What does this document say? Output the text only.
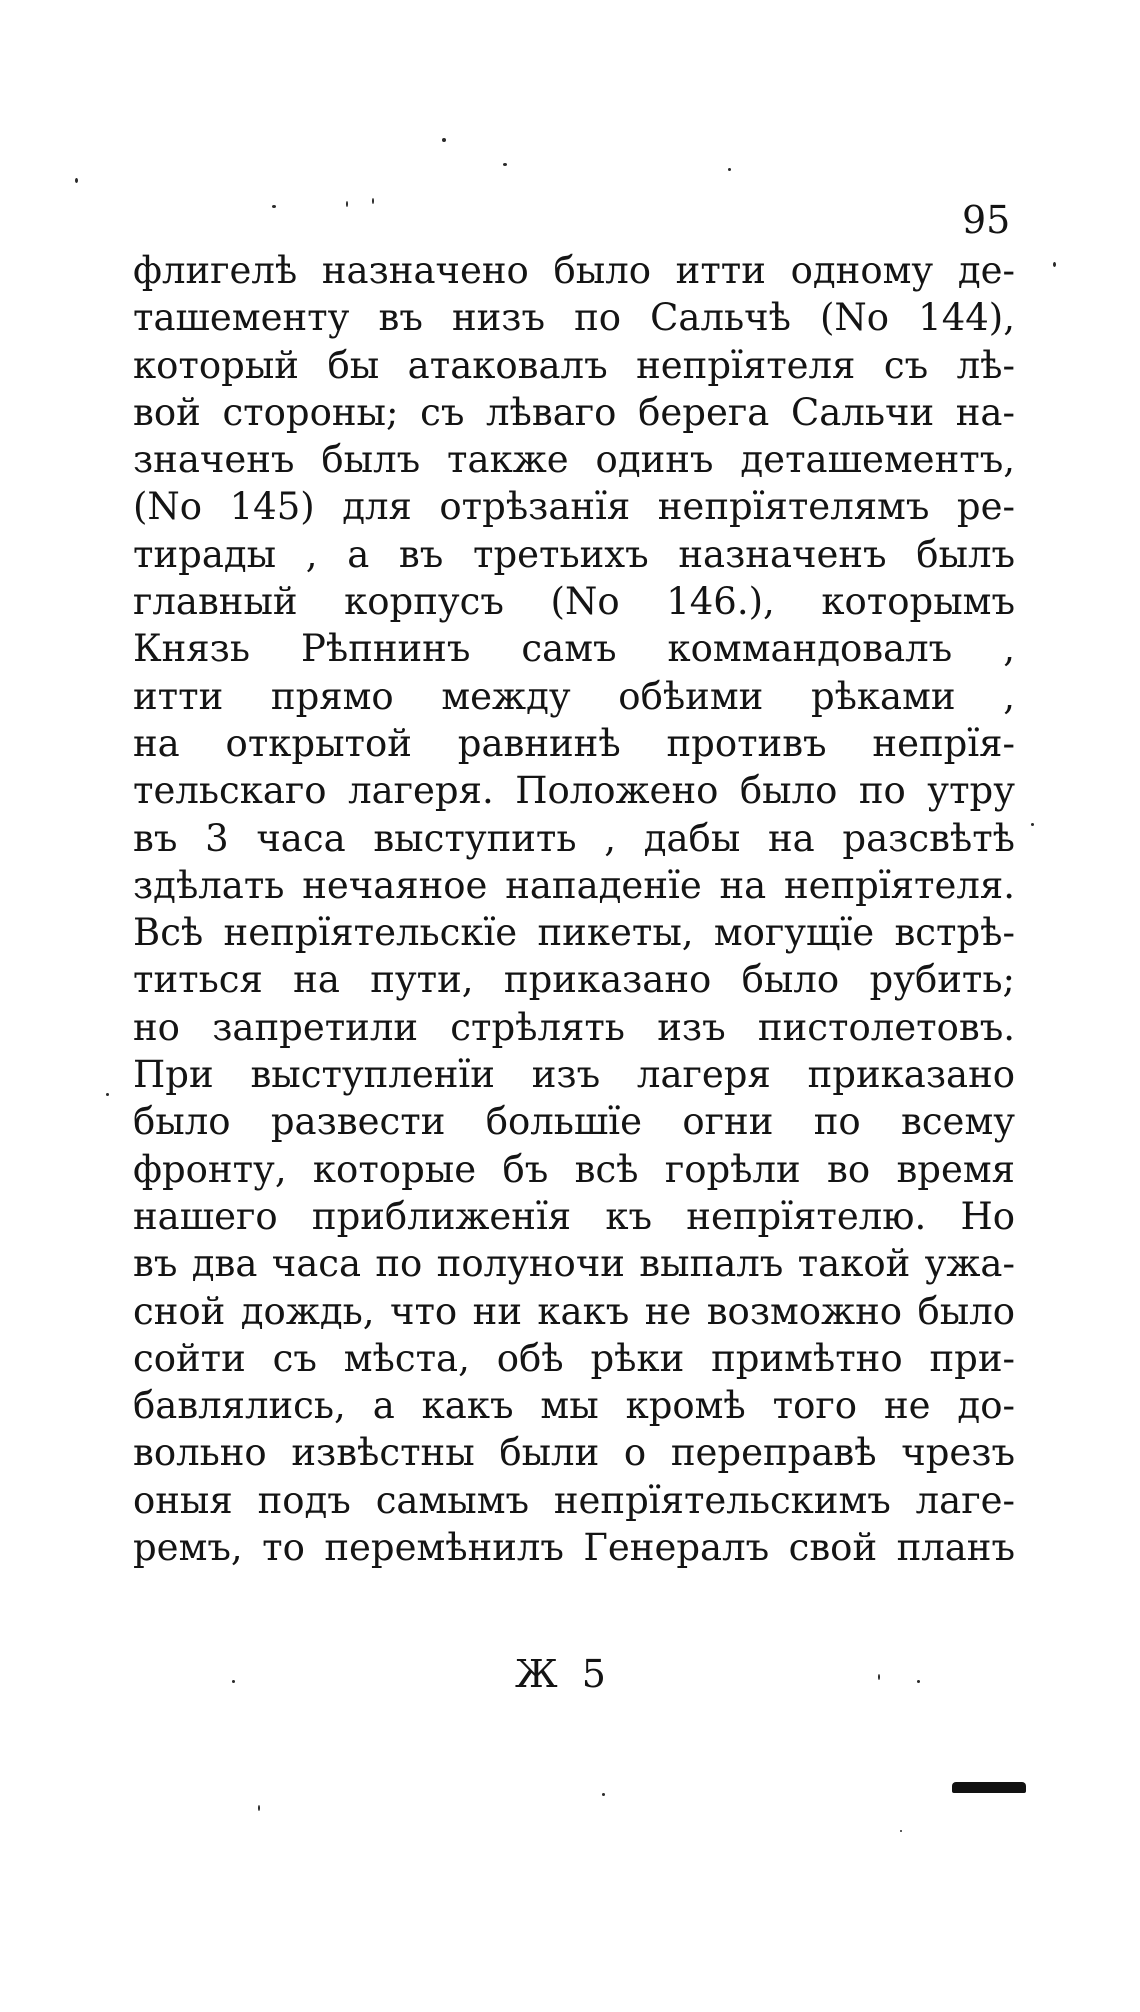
95
флигелѣ назначено было итти одному де-
ташементу въ низъ по Сальчѣ (No 144),
который бы атаковалъ непрїятеля съ лѣ-
вой стороны; съ лѣваго берега Сальчи на-
значенъ былъ также одинъ деташементъ,
(No 145) для отрѣзанїя непрїятелямъ ре-
тирады , а въ третьихъ назначенъ былъ
главный корпусъ (No 146.), которымъ
Князь Рѣпнинъ самъ коммандовалъ ,
итти прямо между обѣими рѣками ,
на открытой равнинѣ противъ непрїя-
тельскаго лагеря. Положено было по утру
въ 3 часа выступить , дабы на разсвѣтѣ
здѣлать нечаяное нападенїе на непрїятеля.
Всѣ непрїятельскїе пикеты, могущїе встрѣ-
титься на пути, приказано было рубить;
но запретили стрѣлять изъ пистолетовъ.
При выступленїи изъ лагеря приказано
было развести большїе огни по всему
фронту, которые бъ всѣ горѣли во время
нашего приближенїя къ непрїятелю. Но
въ два часа по полуночи выпалъ такой ужа-
сной дождь, что ни какъ не возможно было
сойти съ мѣста, обѣ рѣки примѣтно при-
бавлялись, а какъ мы кромѣ того не до-
вольно извѣстны были о переправѣ чрезъ
оныя подъ самымъ непрїятельскимъ лаге-
ремъ, то перемѣнилъ Генералъ свой планъ
Ж 5
